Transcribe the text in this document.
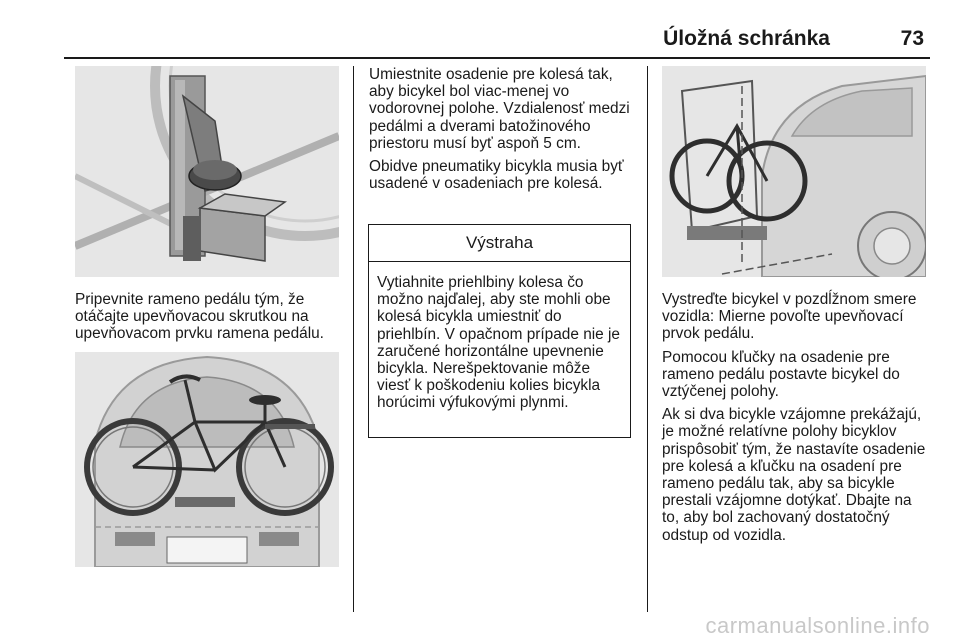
Úložná schránka	73
Pripevnite rameno pedálu tým, že otáčajte upevňovacou skrutkou na upevňovacom prvku ramena pedálu.

Umiestnite osadenie pre kolesá tak, aby bicykel bol viac-menej vo vodorovnej polohe. Vzdialenosť medzi pedálmi a dverami batožinového priestoru musí byť aspoň 5 cm.

Obidve pneumatiky bicykla musia byť usadené v osadeniach pre kolesá.

Výstraha
Vytiahnite priehlbiny kolesa čo možno najďalej, aby ste mohli obe kolesá bicykla umiestniť do priehlbín. V opačnom prípade nie je zaručené horizontálne upevnenie bicykla. Nerešpektovanie môže viesť k poškodeniu kolies bicykla horúcimi výfukovými plynmi.

Vystreďte bicykel v pozdĺžnom smere vozidla: Mierne povoľte upevňovací prvok pedálu.

Pomocou kľučky na osadenie pre rameno pedálu postavte bicykel do vztýčenej polohy.

Ak si dva bicykle vzájomne prekážajú, je možné relatívne polohy bicyklov prispôsobiť tým, že nastavíte osadenie pre kolesá a kľučku na osadení pre rameno pedálu tak, aby sa bicykle prestali vzájomne dotýkať. Dbajte na to, aby bol zachovaný dostatočný odstup od vozidla.

carmanualsonline.info
